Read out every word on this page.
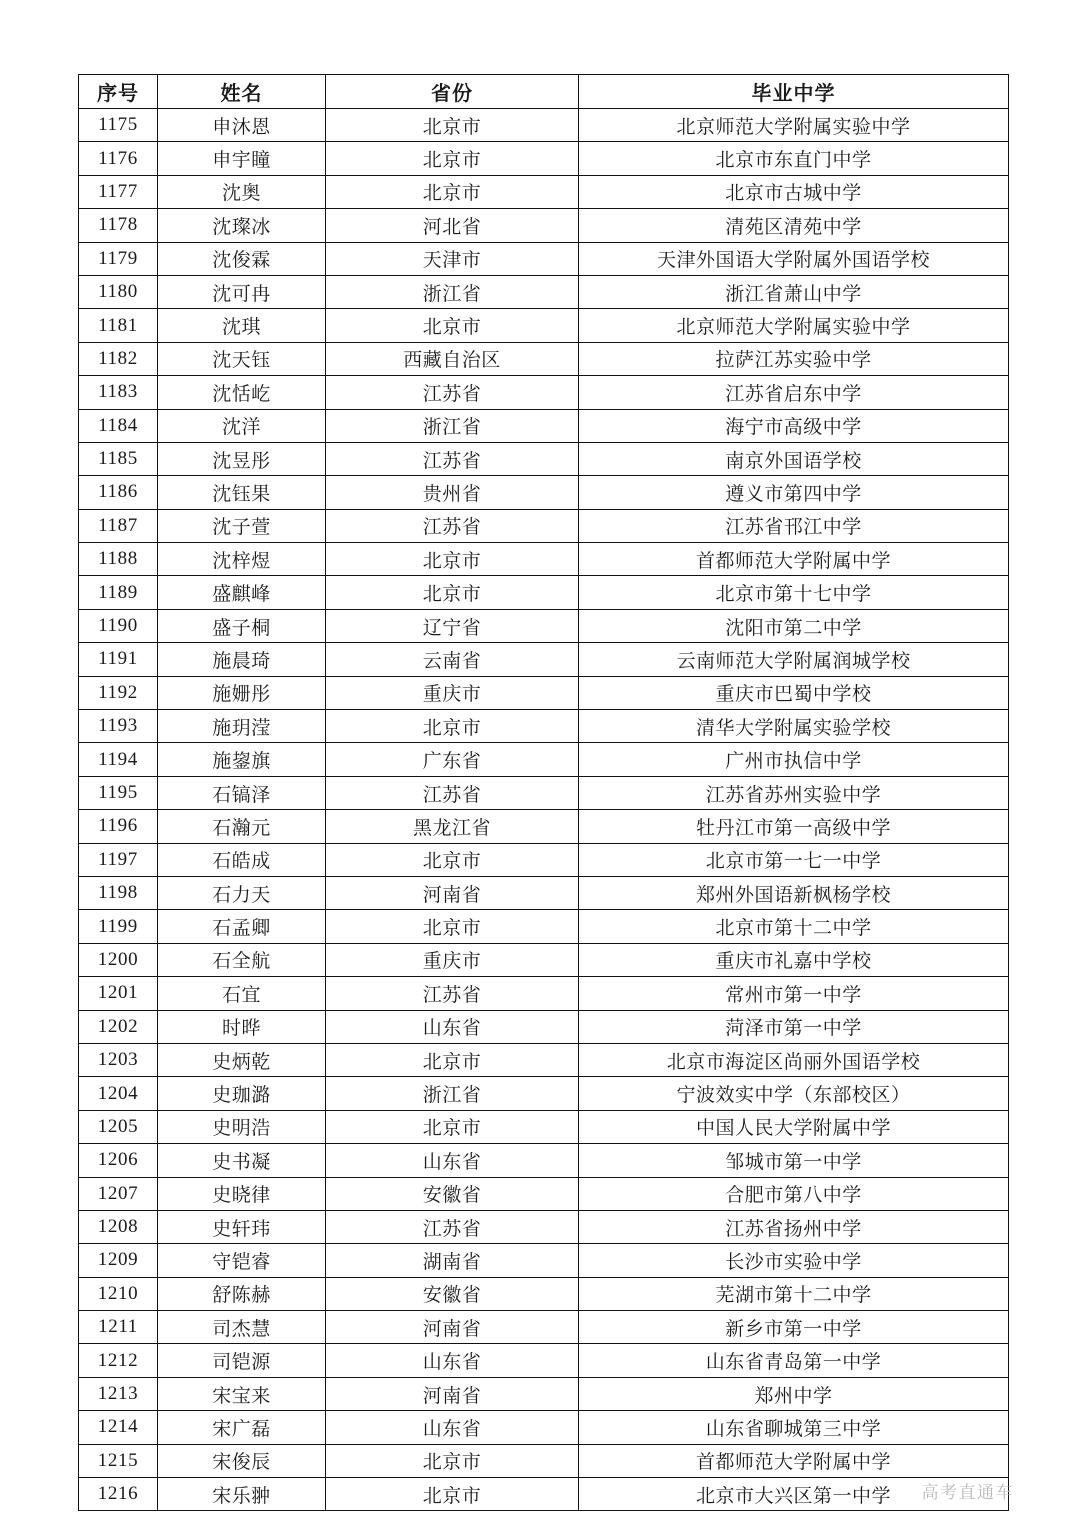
序号	姓名	省份	毕业中学
1175	申沐恩	北京市	北京师范大学附属实验中学
1176	申宇瞳	北京市	北京市东直门中学
1177	沈奥	北京市	北京市古城中学
1178	沈璨冰	河北省	清苑区清苑中学
1179	沈俊霖	天津市	天津外国语大学附属外国语学校
1180	沈可冉	浙江省	浙江省萧山中学
1181	沈琪	北京市	北京师范大学附属实验中学
1182	沈天钰	西藏自治区	拉萨江苏实验中学
1183	沈恬屹	江苏省	江苏省启东中学
1184	沈洋	浙江省	海宁市高级中学
1185	沈昱彤	江苏省	南京外国语学校
1186	沈钰果	贵州省	遵义市第四中学
1187	沈子萱	江苏省	江苏省邗江中学
1188	沈梓煜	北京市	首都师范大学附属中学
1189	盛麒峰	北京市	北京市第十七中学
1190	盛子桐	辽宁省	沈阳市第二中学
1191	施晨琦	云南省	云南师范大学附属润城学校
1192	施姗彤	重庆市	重庆市巴蜀中学校
1193	施玥滢	北京市	清华大学附属实验学校
1194	施鋆旗	广东省	广州市执信中学
1195	石镐泽	江苏省	江苏省苏州实验中学
1196	石瀚元	黑龙江省	牡丹江市第一高级中学
1197	石皓成	北京市	北京市第一七一中学
1198	石力天	河南省	郑州外国语新枫杨学校
1199	石孟卿	北京市	北京市第十二中学
1200	石全航	重庆市	重庆市礼嘉中学校
1201	石宜	江苏省	常州市第一中学
1202	时晔	山东省	菏泽市第一中学
1203	史炳乾	北京市	北京市海淀区尚丽外国语学校
1204	史珈潞	浙江省	宁波效实中学（东部校区）
1205	史明浩	北京市	中国人民大学附属中学
1206	史书凝	山东省	邹城市第一中学
1207	史晓律	安徽省	合肥市第八中学
1208	史轩玮	江苏省	江苏省扬州中学
1209	守铠睿	湖南省	长沙市实验中学
1210	舒陈赫	安徽省	芜湖市第十二中学
1211	司杰慧	河南省	新乡市第一中学
1212	司铠源	山东省	山东省青岛第一中学
1213	宋宝来	河南省	郑州中学
1214	宋广磊	山东省	山东省聊城第三中学
1215	宋俊辰	北京市	首都师范大学附属中学
1216	宋乐翀	北京市	北京市大兴区第一中学 高考直通车
